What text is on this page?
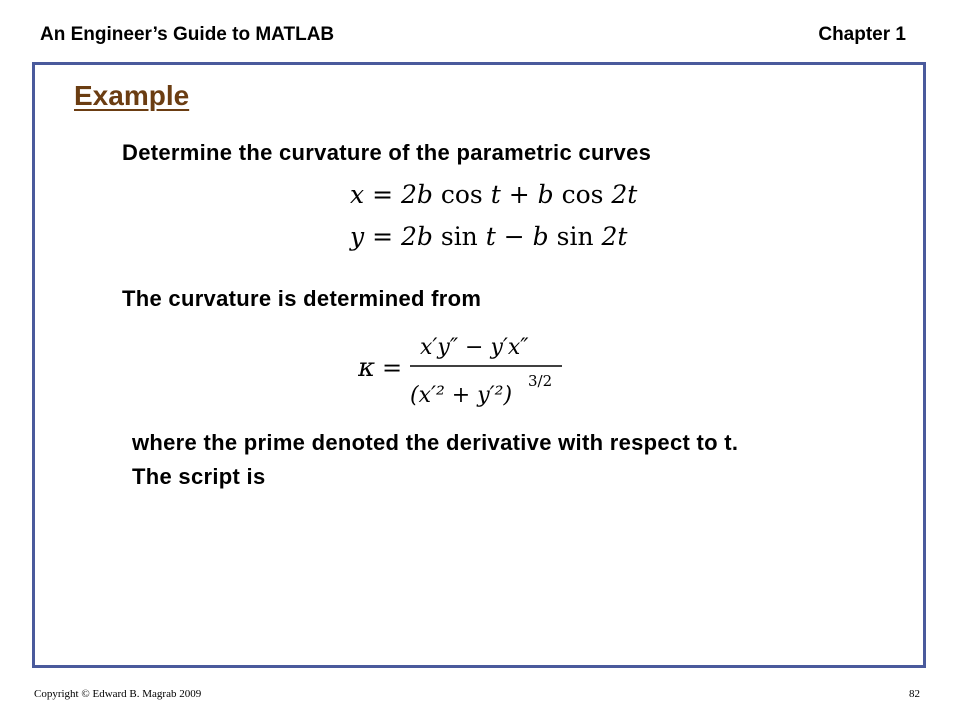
An Engineer’s Guide to MATLAB	Chapter 1
Example
Determine the curvature of the parametric curves
x = 2b cos t + b cos 2t
y = 2b sin t − b sin 2t
The curvature is determined from
κ =
x′y″ − y′x″
(x′² + y′²)
3/2
where the prime denoted the derivative with respect to t.
The script is
Copyright © Edward B. Magrab 2009	82
